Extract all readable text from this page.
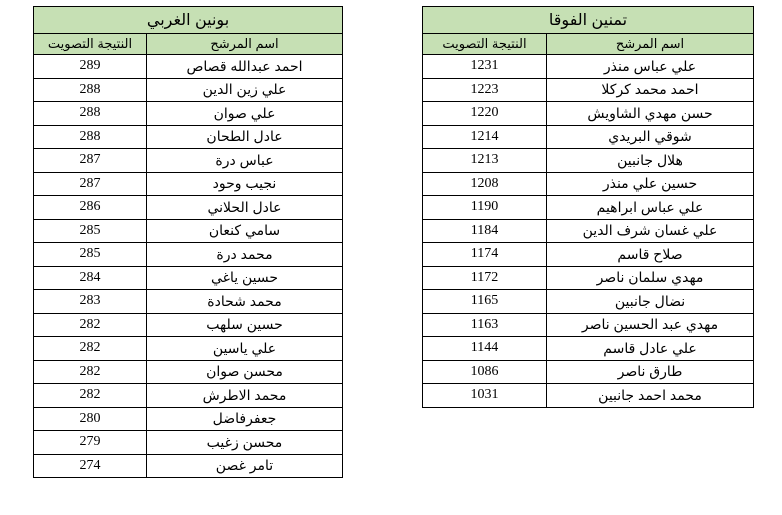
بونين الغربي	
النتيجة التصويت	اسم المرشح
289	احمد عبدالله قصاص
288	علي زين الدين
288	علي صوان
288	عادل الطحان
287	عباس درة
287	نجيب وحود
286	عادل الحلاني
285	سامي كنعان
285	محمد درة
284	حسين ياغي
283	محمد شحادة
282	حسين سلهب
282	علي ياسين
282	محسن صوان
282	محمد الاطرش
280	جعفرفاضل
279	محسن زغيب
274	تامر غصن
تمنين الفوقا	
النتيجة التصويت	اسم المرشح
1231	علي عباس منذر
1223	احمد محمد كركلا
1220	حسن مهدي الشاويش
1214	شوقي البريدي
1213	هلال جانبين
1208	حسين علي منذر
1190	علي عباس ابراهيم
1184	علي غسان شرف الدين
1174	صلاح قاسم
1172	مهدي سلمان ناصر
1165	نضال جانبين
1163	مهدي عبد الحسين ناصر
1144	علي عادل قاسم
1086	طارق ناصر
1031	محمد احمد جانبين
